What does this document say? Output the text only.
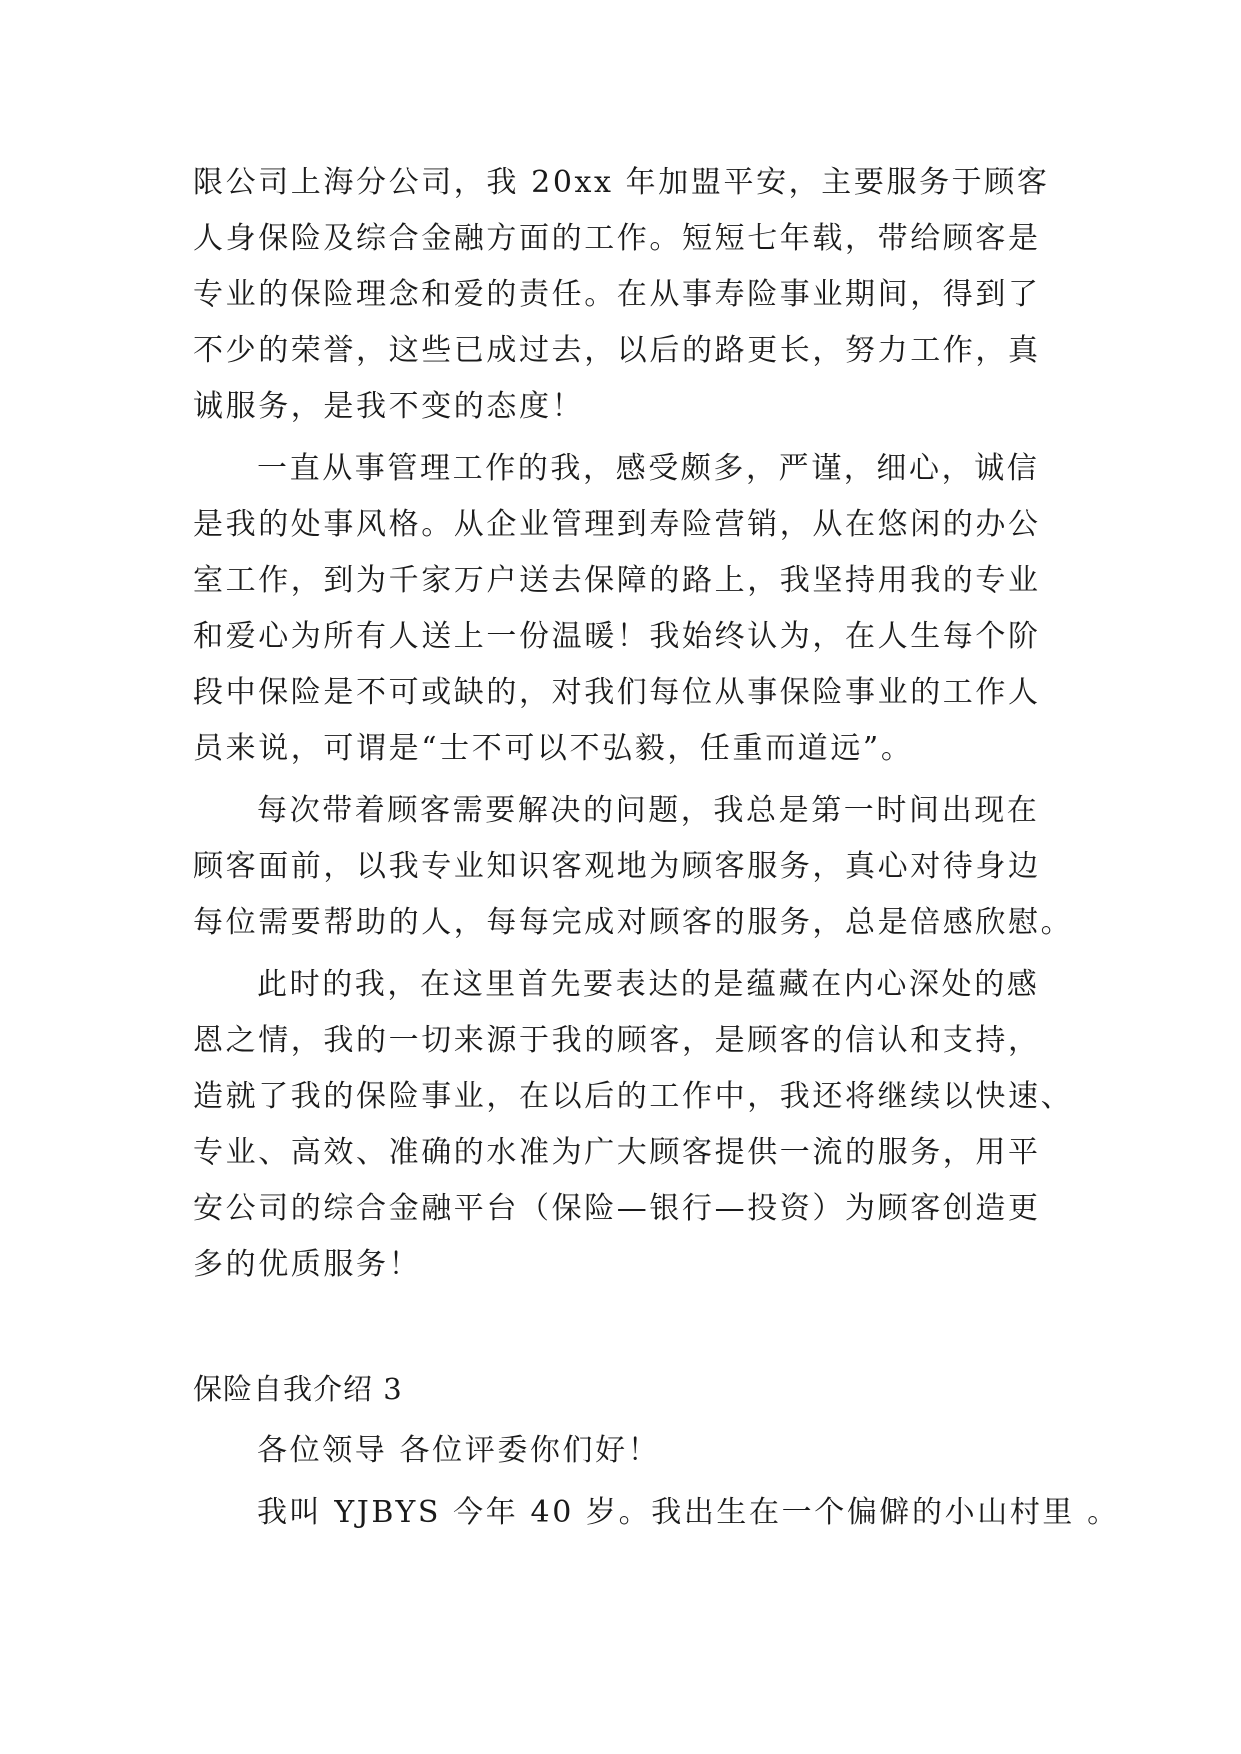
限公司上海分公司，我 20xx 年加盟平安，主要服务于顾客
人身保险及综合金融方面的工作。短短七年载，带给顾客是
专业的保险理念和爱的责任。在从事寿险事业期间，得到了
不少的荣誉，这些已成过去，以后的路更长，努力工作，真
诚服务，是我不变的态度！
一直从事管理工作的我，感受颇多，严谨，细心，诚信
是我的处事风格。从企业管理到寿险营销，从在悠闲的办公
室工作，到为千家万户送去保障的路上，我坚持用我的专业
和爱心为所有人送上一份温暖！我始终认为，在人生每个阶
段中保险是不可或缺的，对我们每位从事保险事业的工作人
员来说，可谓是“士不可以不弘毅，任重而道远”。
每次带着顾客需要解决的问题，我总是第一时间出现在
顾客面前，以我专业知识客观地为顾客服务，真心对待身边
每位需要帮助的人，每每完成对顾客的服务，总是倍感欣慰。
此时的我，在这里首先要表达的是蕴藏在内心深处的感
恩之情，我的一切来源于我的顾客，是顾客的信认和支持，
造就了我的保险事业，在以后的工作中，我还将继续以快速、
专业、高效、准确的水准为广大顾客提供一流的服务，用平
安公司的综合金融平台（保险—银行—投资）为顾客创造更
多的优质服务！
保险自我介绍 3
各位领导 各位评委你们好！
我叫 YJBYS 今年 40 岁。我出生在一个偏僻的小山村里 。
